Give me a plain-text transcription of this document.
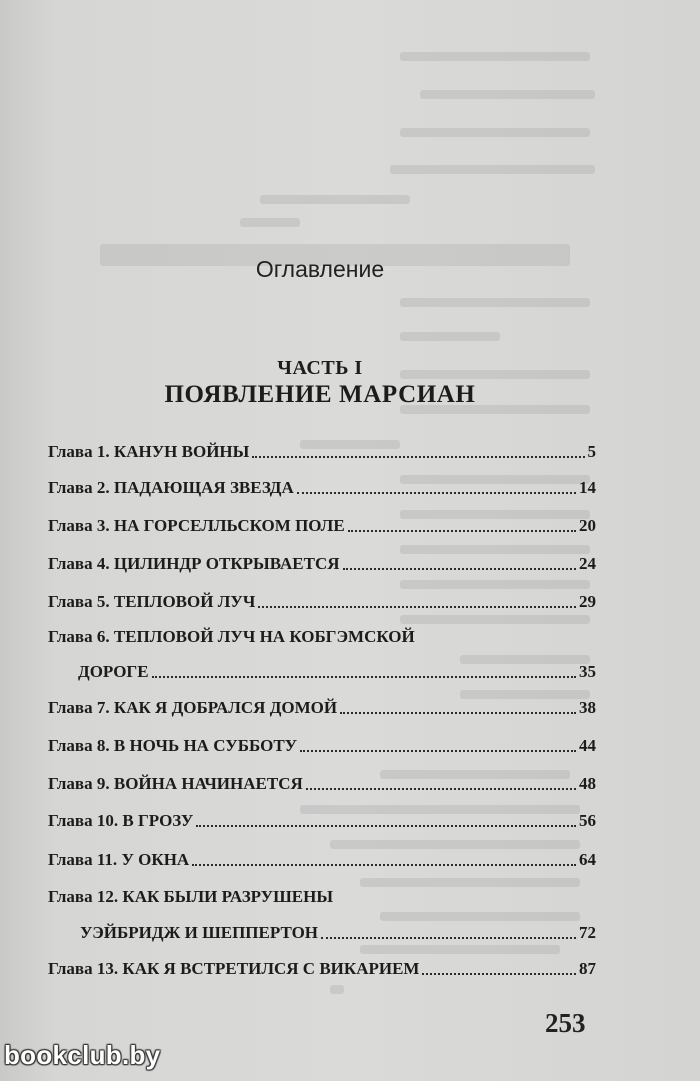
Оглавление
ЧАСТЬ I
ПОЯВЛЕНИЕ МАРСИАН
Глава 1. КАНУН ВОЙНЫ	5
Глава 2. ПАДАЮЩАЯ ЗВЕЗДА	14
Глава 3. НА ГОРСЕЛЛЬСКОМ ПОЛЕ	20
Глава 4. ЦИЛИНДР ОТКРЫВАЕТСЯ	24
Глава 5. ТЕПЛОВОЙ ЛУЧ	29
Глава 6. ТЕПЛОВОЙ ЛУЧ НА КОБГЭМСКОЙ
ДОРОГЕ	35
Глава 7. КАК Я ДОБРАЛСЯ ДОМОЙ	38
Глава 8. В НОЧЬ НА СУББОТУ	44
Глава 9. ВОЙНА НАЧИНАЕТСЯ	48
Глава 10. В ГРОЗУ	56
Глава 11. У ОКНА	64
Глава 12. КАК БЫЛИ РАЗРУШЕНЫ
УЭЙБРИДЖ И ШЕППЕРТОН	72
Глава 13. КАК Я ВСТРЕТИЛСЯ С ВИКАРИЕМ	87
253
bookclub.by
